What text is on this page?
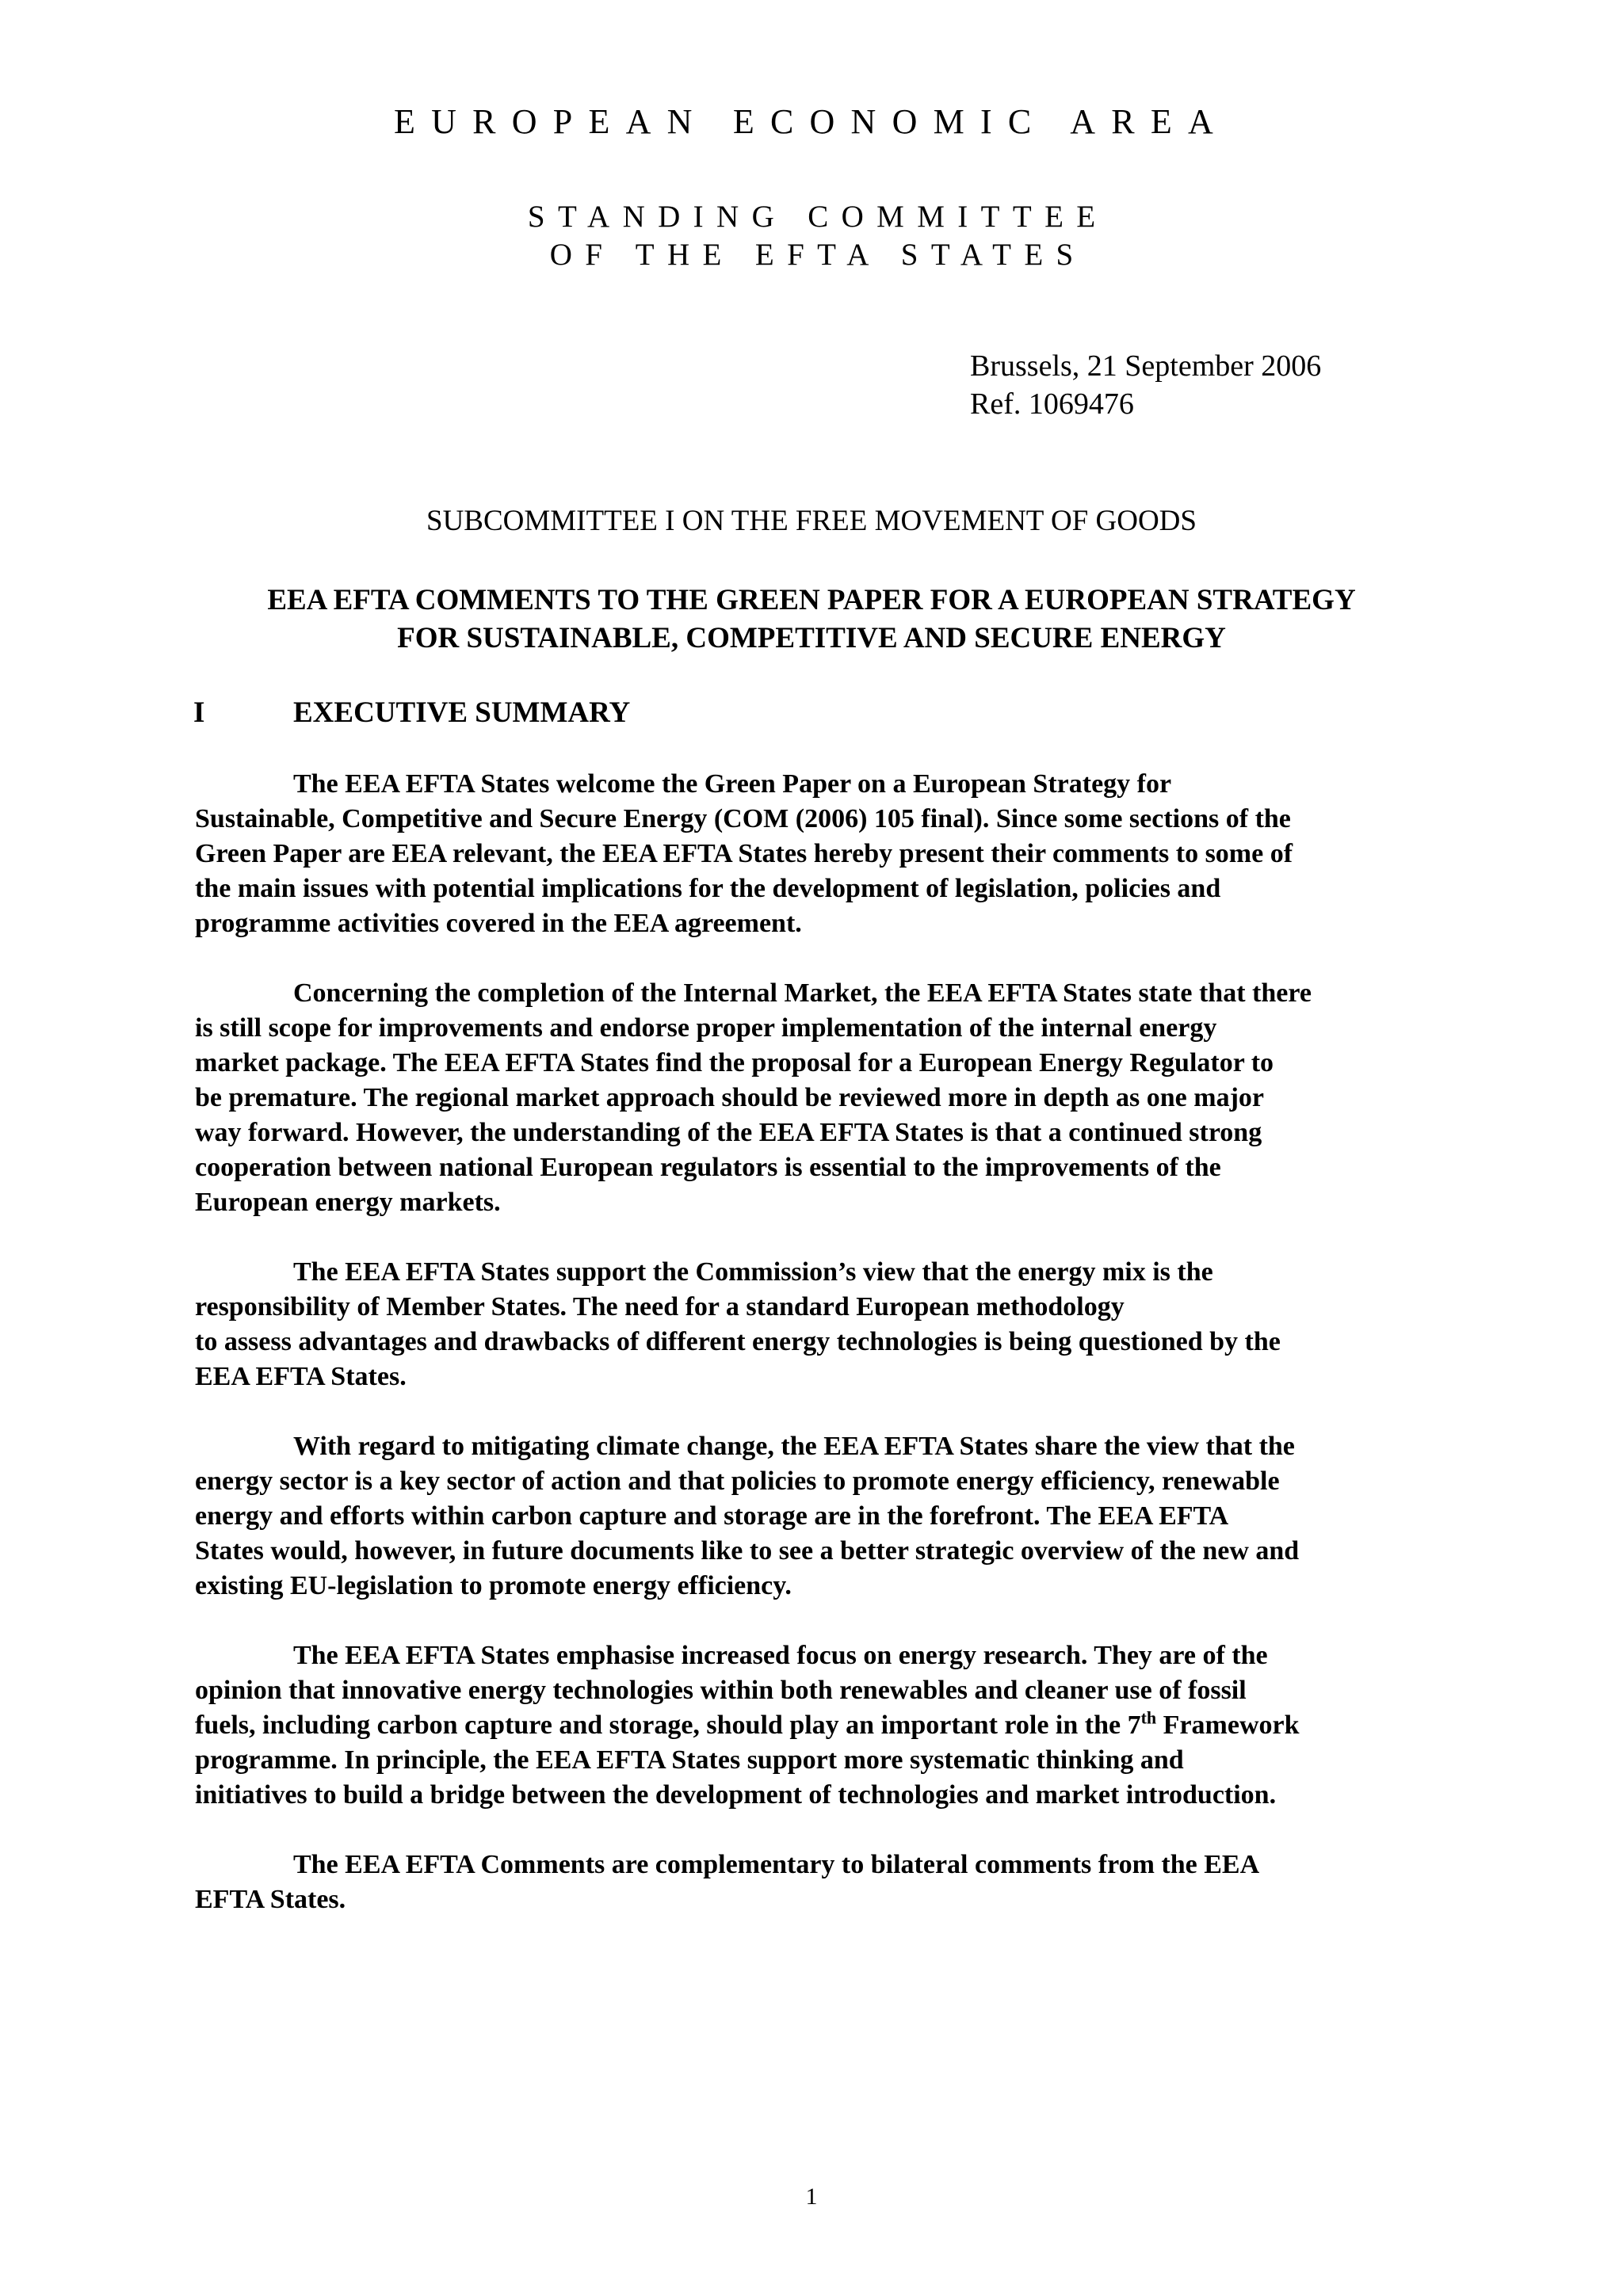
EUROPEAN ECONOMIC AREA
STANDING COMMITTEE
OF THE EFTA STATES
Brussels, 21 September 2006
Ref. 1069476
SUBCOMMITTEE I ON THE FREE MOVEMENT OF GOODS
EEA EFTA COMMENTS TO THE GREEN PAPER FOR A EUROPEAN STRATEGY
FOR SUSTAINABLE, COMPETITIVE AND SECURE ENERGY
I	EXECUTIVE SUMMARY

The EEA EFTA States welcome the Green Paper on a European Strategy for
Sustainable, Competitive and Secure Energy (COM (2006) 105 final). Since some sections of the
Green Paper are EEA relevant, the EEA EFTA States hereby present their comments to some of
the main issues with potential implications for the development of legislation, policies and
programme activities covered in the EEA agreement.

Concerning the completion of the Internal Market, the EEA EFTA States state that there
is still scope for improvements and endorse proper implementation of the internal energy
market package. The EEA EFTA States find the proposal for a European Energy Regulator to
be premature. The regional market approach should be reviewed more in depth as one major
way forward. However, the understanding of the EEA EFTA States is that a continued strong
cooperation between national European regulators is essential to the improvements of the
European energy markets.

The EEA EFTA States support the Commission’s view that the energy mix is the
responsibility of Member States. The need for a standard European methodology
to assess advantages and drawbacks of different energy technologies is being questioned by the
EEA EFTA States.

With regard to mitigating climate change, the EEA EFTA States share the view that the
energy sector is a key sector of action and that policies to promote energy efficiency, renewable
energy and efforts within carbon capture and storage are in the forefront. The EEA EFTA
States would, however, in future documents like to see a better strategic overview of the new and
existing EU-legislation to promote energy efficiency.

The EEA EFTA States emphasise increased focus on energy research. They are of the
opinion that innovative energy technologies within both renewables and cleaner use of fossil
fuels, including carbon capture and storage, should play an important role in the 7th Framework
programme. In principle, the EEA EFTA States support more systematic thinking and
initiatives to build a bridge between the development of technologies and market introduction.

The EEA EFTA Comments are complementary to bilateral comments from the EEA
EFTA States.

1
